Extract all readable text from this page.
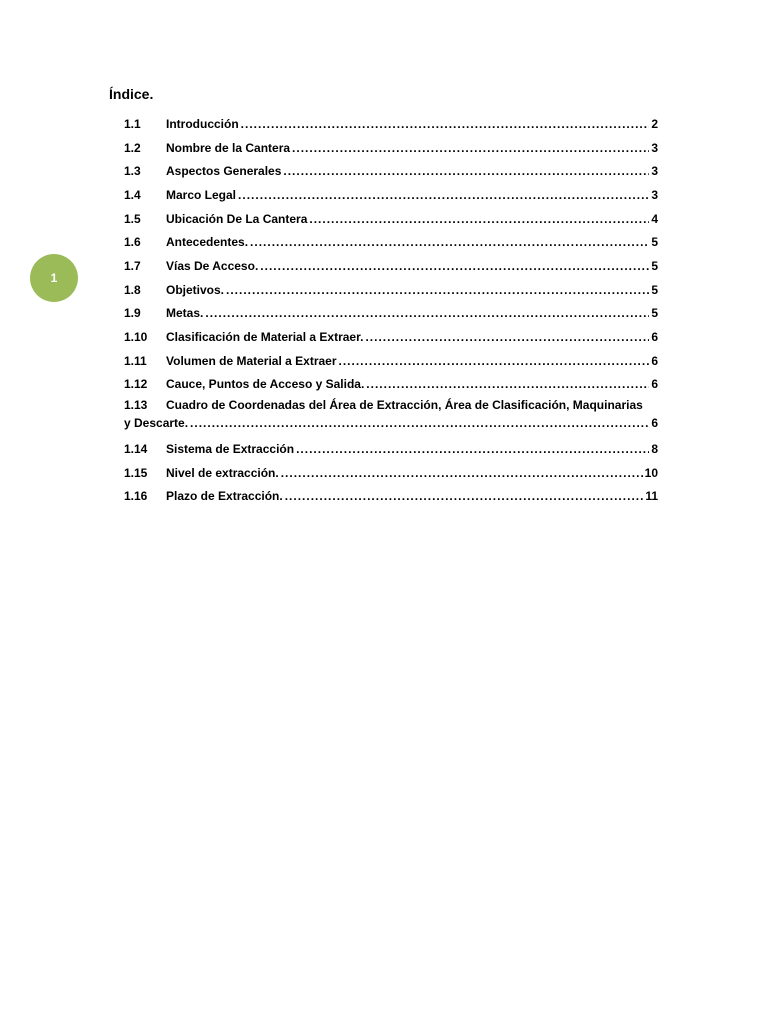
1
Índice.
1.1	Introducción .....	2
1.2	Nombre de la Cantera .....	3
1.3	Aspectos Generales .....	3
1.4	Marco Legal .....	3
1.5	Ubicación De La Cantera .....	4
1.6	Antecedentes. .....	5
1.7	Vías De Acceso. .....	5
1.8	Objetivos. .....	5
1.9	Metas. .....	5
1.10	Clasificación de Material a Extraer. .....	6
1.11	Volumen de Material a Extraer .....	6
1.12	Cauce, Puntos de Acceso y Salida. .....	6
1.13	Cuadro de Coordenadas del Área de Extracción, Área de Clasificación, Maquinarias
y Descarte. .....	6
1.14	Sistema de Extracción .....	8
1.15	Nivel de extracción. .....	10
1.16	Plazo de Extracción. .....	11
